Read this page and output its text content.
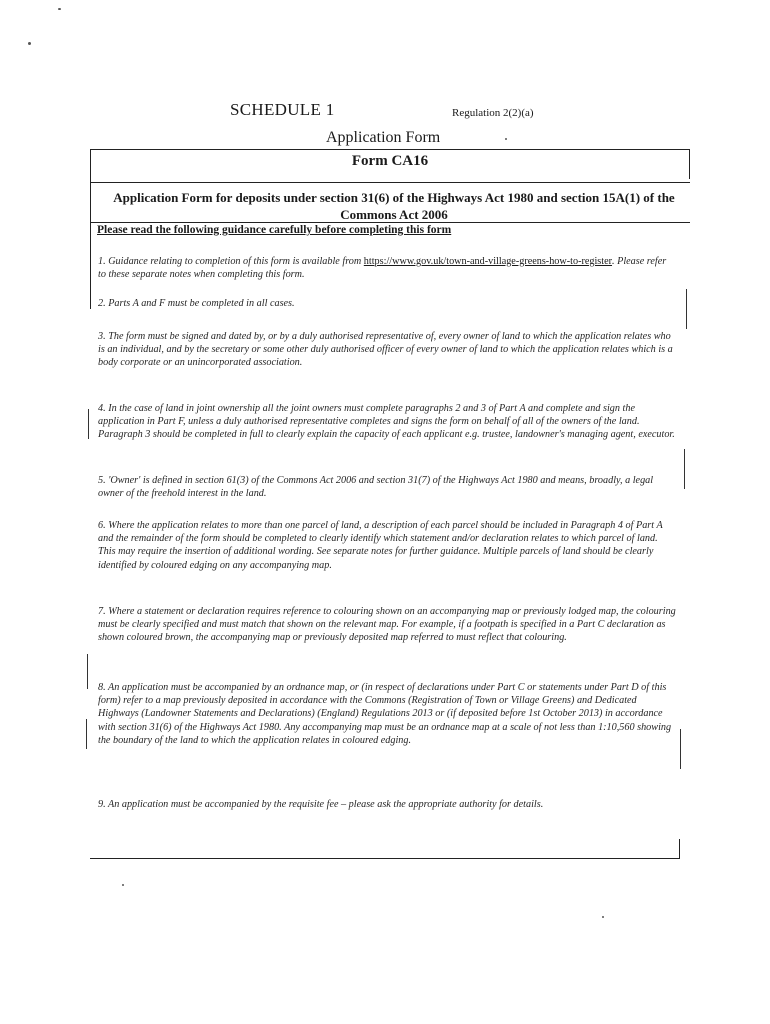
SCHEDULE 1	Regulation 2(2)(a)
Application Form
Form CA16
Application Form for deposits under section 31(6) of the Highways Act 1980 and section 15A(1) of the Commons Act 2006
Please read the following guidance carefully before completing this form
1. Guidance relating to completion of this form is available from https://www.gov.uk/town-and-village-greens-how-to-register. Please refer to these separate notes when completing this form.
2. Parts A and F must be completed in all cases.
3. The form must be signed and dated by, or by a duly authorised representative of, every owner of land to which the application relates who is an individual, and by the secretary or some other duly authorised officer of every owner of land to which the application relates which is a body corporate or an unincorporated association.
4. In the case of land in joint ownership all the joint owners must complete paragraphs 2 and 3 of Part A and complete and sign the application in Part F, unless a duly authorised representative completes and signs the form on behalf of all of the owners of the land. Paragraph 3 should be completed in full to clearly explain the capacity of each applicant e.g. trustee, landowner's managing agent, executor.
5. 'Owner' is defined in section 61(3) of the Commons Act 2006 and section 31(7) of the Highways Act 1980 and means, broadly, a legal owner of the freehold interest in the land.
6. Where the application relates to more than one parcel of land, a description of each parcel should be included in Paragraph 4 of Part A and the remainder of the form should be completed to clearly identify which statement and/or declaration relates to which parcel of land. This may require the insertion of additional wording. See separate notes for further guidance. Multiple parcels of land should be clearly identified by coloured edging on any accompanying map.
7. Where a statement or declaration requires reference to colouring shown on an accompanying map or previously lodged map, the colouring must be clearly specified and must match that shown on the relevant map. For example, if a footpath is specified in a Part C declaration as shown coloured brown, the accompanying map or previously deposited map referred to must reflect that colouring.
8. An application must be accompanied by an ordnance map, or (in respect of declarations under Part C or statements under Part D of this form) refer to a map previously deposited in accordance with the Commons (Registration of Town or Village Greens) and Dedicated Highways (Landowner Statements and Declarations) (England) Regulations 2013 or (if deposited before 1st October 2013) in accordance with section 31(6) of the Highways Act 1980. Any accompanying map must be an ordnance map at a scale of not less than 1:10,560 showing the boundary of the land to which the application relates in coloured edging.
9. An application must be accompanied by the requisite fee – please ask the appropriate authority for details.
